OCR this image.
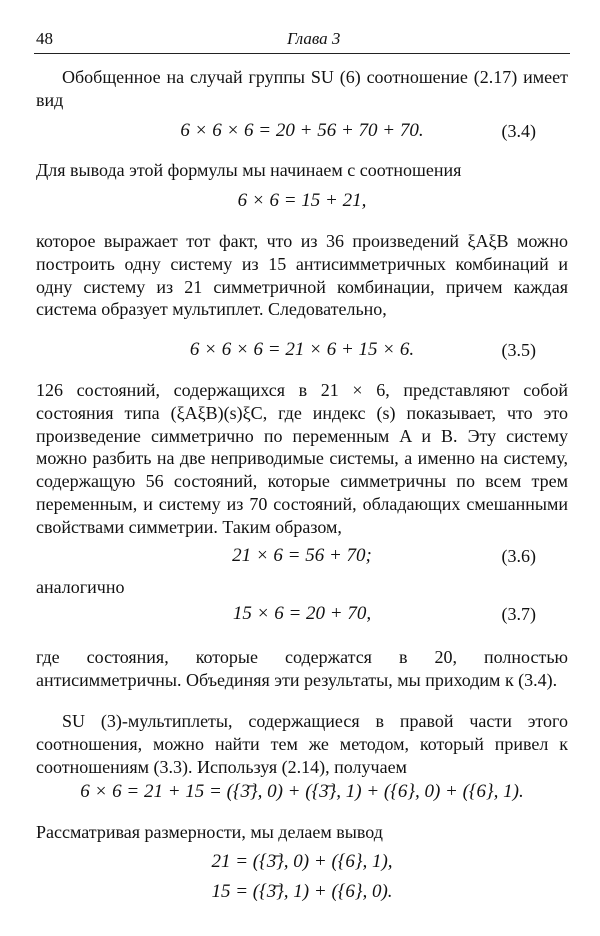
48	Глава 3

Обобщенное на случай группы SU (6) соотношение (2.17) имеет вид

6 × 6 × 6 = 20 + 56 + 70 + 70.	(3.4)

Для вывода этой формулы мы начинаем с соотношения

6 × 6 = 15 + 21,

которое выражает тот факт, что из 36 произведений ξAξB можно построить одну систему из 15 антисимметричных комбинаций и одну систему из 21 симметричной комбинации, причем каждая система образует мультиплет. Следовательно,

6 × 6 × 6 = 21 × 6 + 15 × 6.	(3.5)

126 состояний, содержащихся в 21 × 6, представляют собой состояния типа (ξAξB)(s)ξC, где индекс (s) показывает, что это произведение симметрично по переменным A и B. Эту систему можно разбить на две неприводимые системы, а именно на систему, содержащую 56 состояний, которые симметричны по всем трем переменным, и систему из 70 состояний, обладающих смешанными свойствами симметрии. Таким образом,

21 × 6 = 56 + 70;	(3.6)

аналогично

15 × 6 = 20 + 70,	(3.7)

где состояния, которые содержатся в 20, полностью антисимметричны. Объединяя эти результаты, мы приходим к (3.4).

SU (3)-мультиплеты, содержащиеся в правой части этого соотношения, можно найти тем же методом, который привел к соотношениям (3.3). Используя (2.14), получаем

6 × 6 = 21 + 15 = ({3̄}, 0) + ({3̄}, 1) + ({6}, 0) + ({6}, 1).

Рассматривая размерности, мы делаем вывод

21 = ({3̄}, 0) + ({6}, 1),
15 = ({3̄}, 1) + ({6}, 0).
